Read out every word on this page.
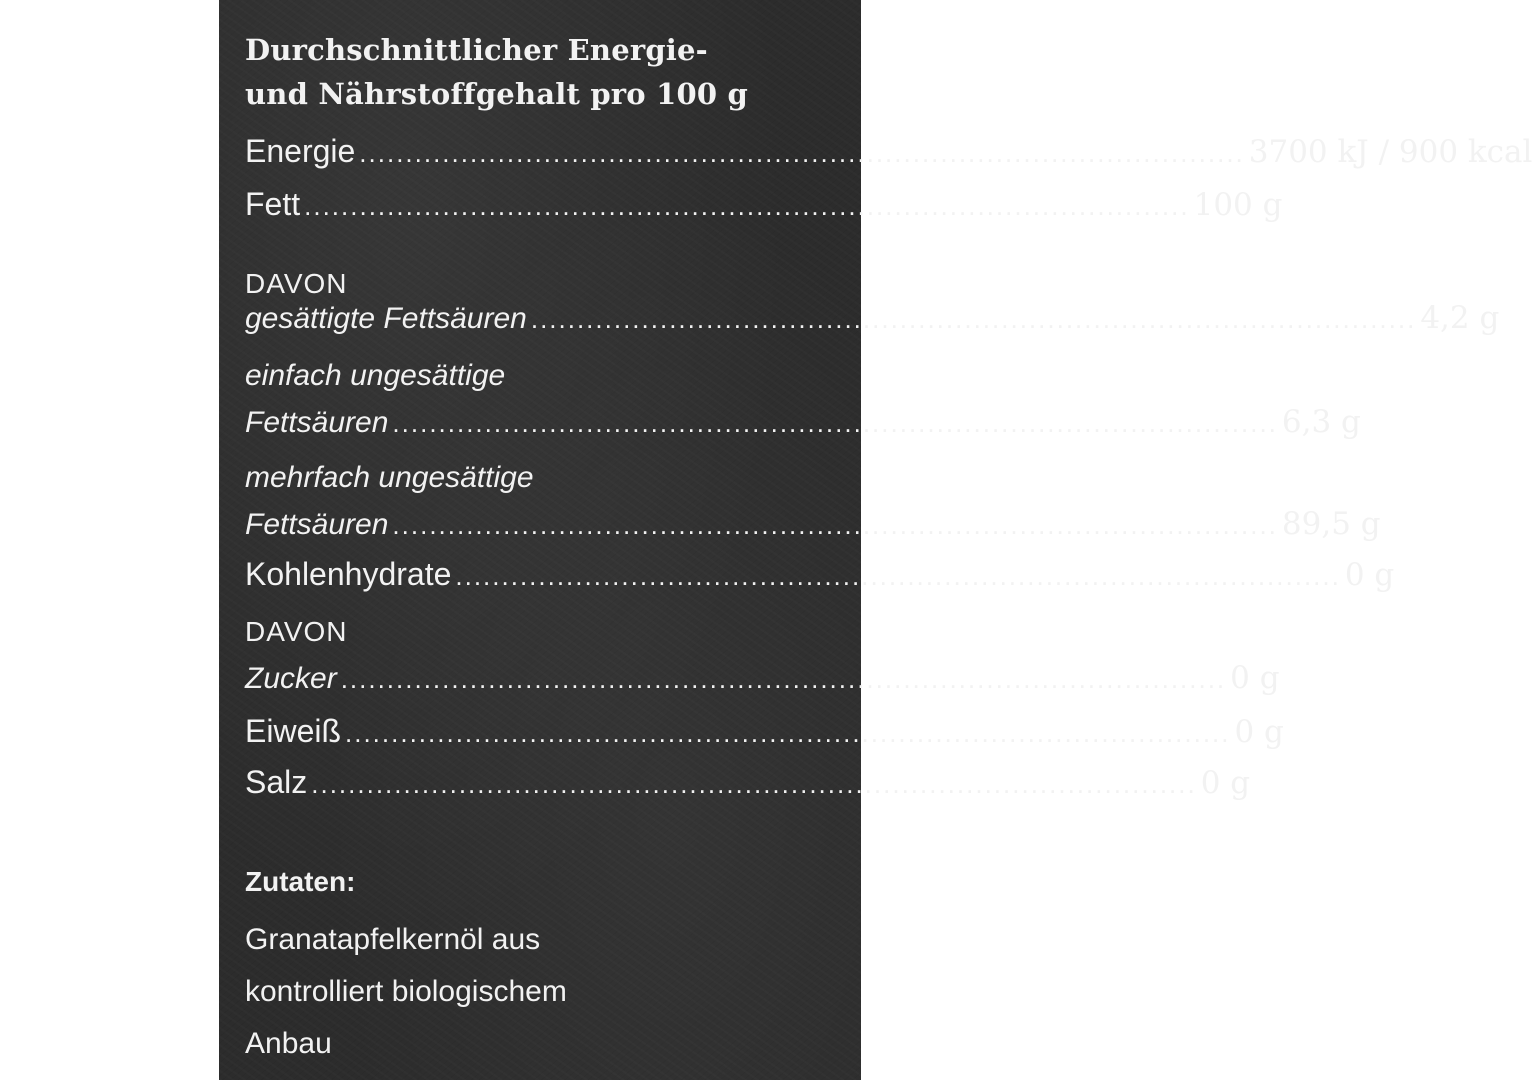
Durchschnittlicher Energie-
und Nährstoffgehalt pro 100 g
Energie ................................................................................................ 3700 kJ / 900 kcal
Fett ................................................................................................ 100 g
DAVON
gesättigte Fettsäuren ................................................................................................ 4,2 g
einfach ungesättige
Fettsäuren ................................................................................................ 6,3 g
mehrfach ungesättige
Fettsäuren ................................................................................................ 89,5 g
Kohlenhydrate ................................................................................................ 0 g
DAVON
Zucker ................................................................................................ 0 g
Eiweiß ................................................................................................ 0 g
Salz ................................................................................................ 0 g
Zutaten:

Granatapfelkernöl aus
kontrolliert biologischem
Anbau
